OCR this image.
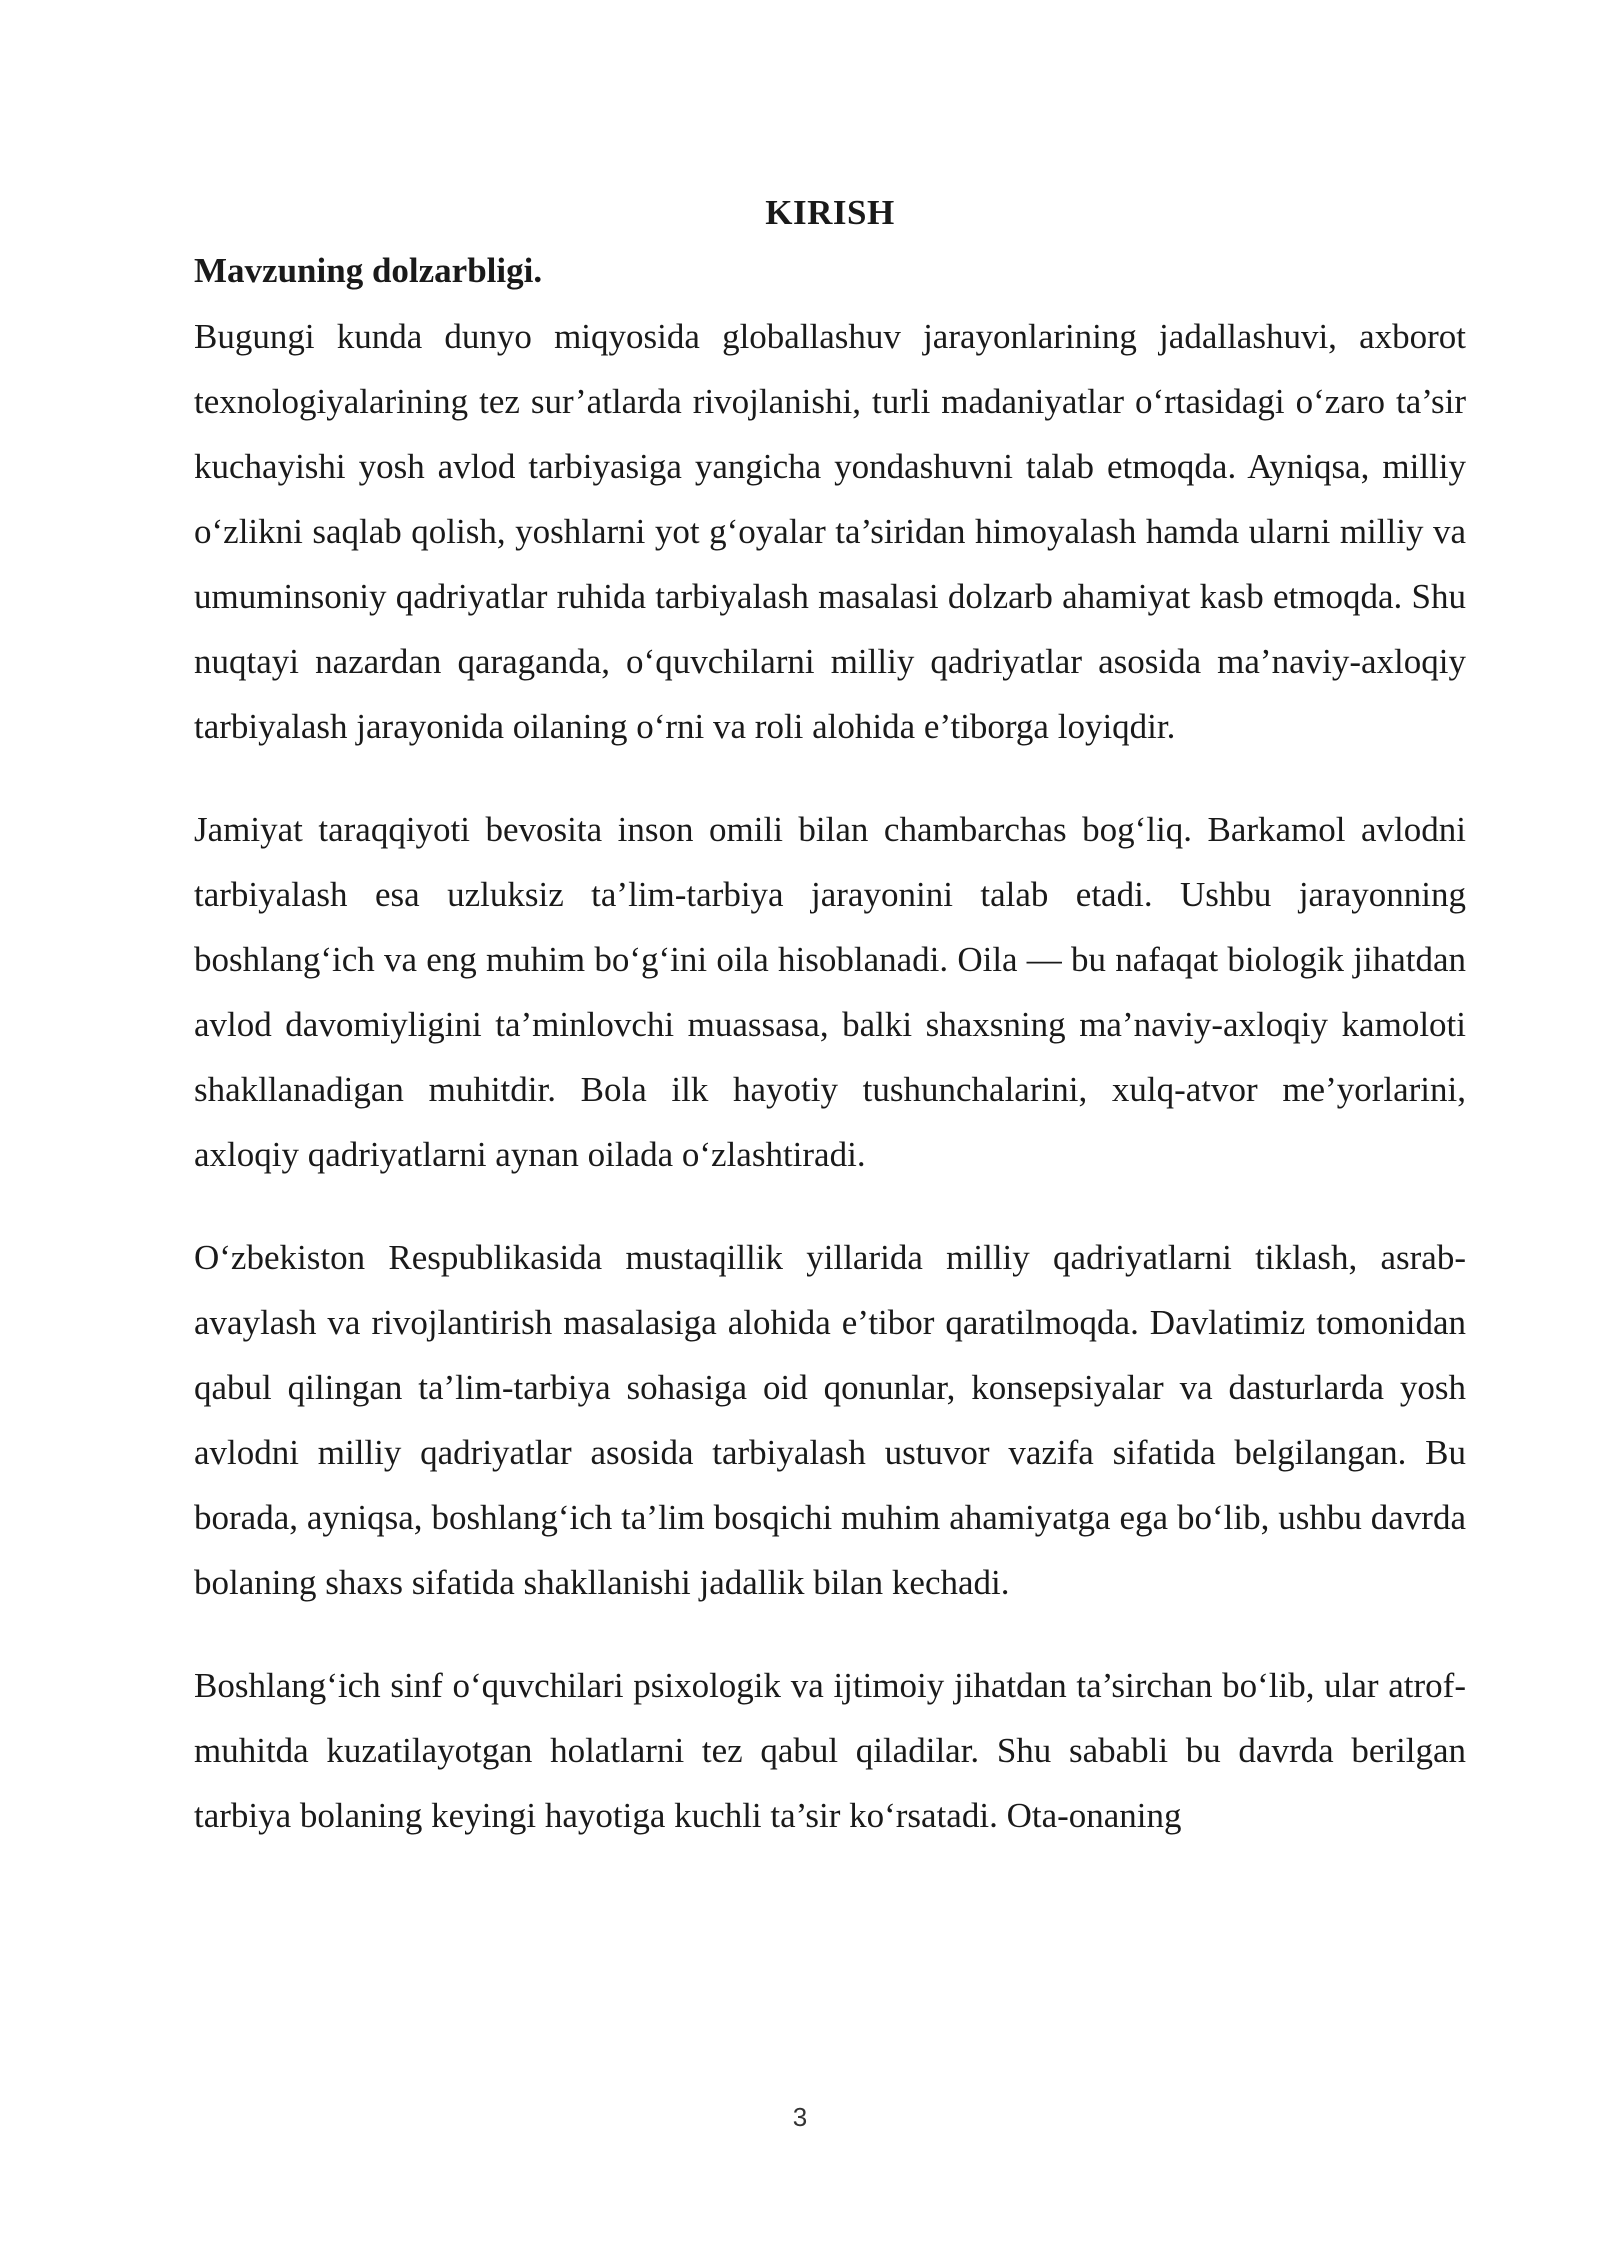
KIRISH
Mavzuning dolzarbligi.

Bugungi kunda dunyo miqyosida globallashuv jarayonlarining jadallashuvi, axborot texnologiyalarining tez sur’atlarda rivojlanishi, turli madaniyatlar o‘rtasidagi o‘zaro ta’sir kuchayishi yosh avlod tarbiyasiga yangicha yondashuvni talab etmoqda. Ayniqsa, milliy o‘zlikni saqlab qolish, yoshlarni yot g‘oyalar ta’siridan himoyalash hamda ularni milliy va umuminsoniy qadriyatlar ruhida tarbiyalash masalasi dolzarb ahamiyat kasb etmoqda. Shu nuqtayi nazardan qaraganda, o‘quvchilarni milliy qadriyatlar asosida ma’naviy-axloqiy tarbiyalash jarayonida oilaning o‘rni va roli alohida e’tiborga loyiqdir.

Jamiyat taraqqiyoti bevosita inson omili bilan chambarchas bog‘liq. Barkamol avlodni tarbiyalash esa uzluksiz ta’lim-tarbiya jarayonini talab etadi. Ushbu jarayonning boshlang‘ich va eng muhim bo‘g‘ini oila hisoblanadi. Oila — bu nafaqat biologik jihatdan avlod davomiyligini ta’minlovchi muassasa, balki shaxsning ma’naviy-axloqiy kamoloti shakllanadigan muhitdir. Bola ilk hayotiy tushunchalarini, xulq-atvor me’yorlarini, axloqiy qadriyatlarni aynan oilada o‘zlashtiradi.

O‘zbekiston Respublikasida mustaqillik yillarida milliy qadriyatlarni tiklash, asrab-avaylash va rivojlantirish masalasiga alohida e’tibor qaratilmoqda. Davlatimiz tomonidan qabul qilingan ta’lim-tarbiya sohasiga oid qonunlar, konsepsiyalar va dasturlarda yosh avlodni milliy qadriyatlar asosida tarbiyalash ustuvor vazifa sifatida belgilangan. Bu borada, ayniqsa, boshlang‘ich ta’lim bosqichi muhim ahamiyatga ega bo‘lib, ushbu davrda bolaning shaxs sifatida shakllanishi jadallik bilan kechadi.

Boshlang‘ich sinf o‘quvchilari psixologik va ijtimoiy jihatdan ta’sirchan bo‘lib, ular atrof-muhitda kuzatilayotgan holatlarni tez qabul qiladilar. Shu sababli bu davrda berilgan tarbiya bolaning keyingi hayotiga kuchli ta’sir ko‘rsatadi. Ota-onaning

3
